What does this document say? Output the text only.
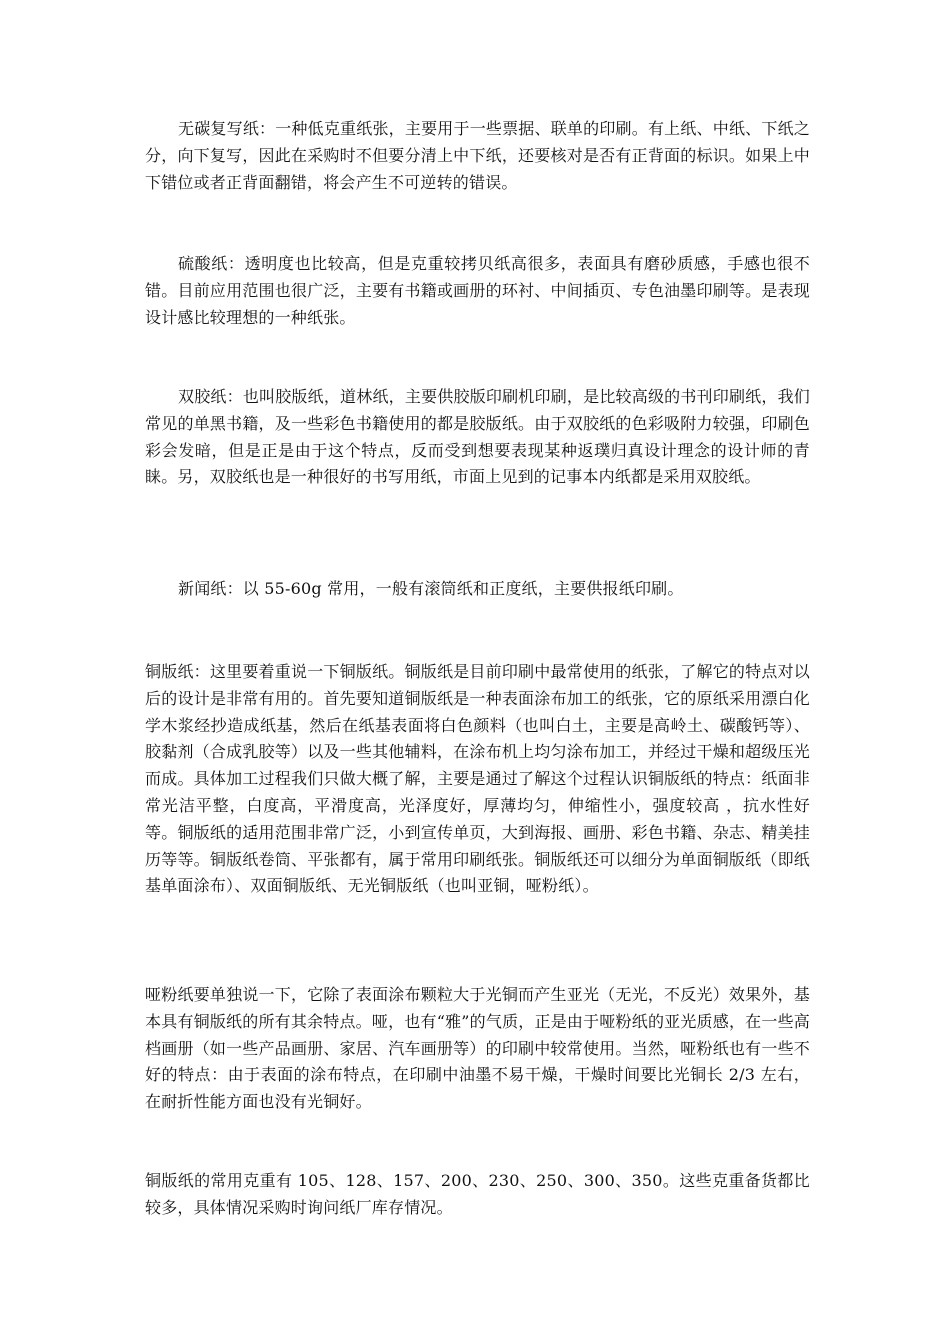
无碳复写纸：一种低克重纸张，主要用于一些票据、联单的印刷。有上纸、中纸、下纸之分，向下复写，因此在采购时不但要分清上中下纸，还要核对是否有正背面的标识。如果上中下错位或者正背面翻错，将会产生不可逆转的错误。

硫酸纸：透明度也比较高，但是克重较拷贝纸高很多，表面具有磨砂质感，手感也很不错。目前应用范围也很广泛，主要有书籍或画册的环衬、中间插页、专色油墨印刷等。是表现设计感比较理想的一种纸张。

双胶纸：也叫胶版纸，道林纸，主要供胶版印刷机印刷，是比较高级的书刊印刷纸，我们常见的单黑书籍，及一些彩色书籍使用的都是胶版纸。由于双胶纸的色彩吸附力较强，印刷色彩会发暗，但是正是由于这个特点，反而受到想要表现某种返璞归真设计理念的设计师的青睐。另，双胶纸也是一种很好的书写用纸，市面上见到的记事本内纸都是采用双胶纸。

新闻纸：以 55-60g 常用，一般有滚筒纸和正度纸，主要供报纸印刷。

铜版纸：这里要着重说一下铜版纸。铜版纸是目前印刷中最常使用的纸张，了解它的特点对以后的设计是非常有用的。首先要知道铜版纸是一种表面涂布加工的纸张，它的原纸采用漂白化学木浆经抄造成纸基，然后在纸基表面将白色颜料（也叫白土，主要是高岭土、碳酸钙等）、胶黏剂（合成乳胶等）以及一些其他辅料，在涂布机上均匀涂布加工，并经过干燥和超级压光而成。具体加工过程我们只做大概了解，主要是通过了解这个过程认识铜版纸的特点：纸面非常光洁平整，白度高，平滑度高，光泽度好，厚薄均匀，伸缩性小，强度较高 ，抗水性好等。铜版纸的适用范围非常广泛，小到宣传单页，大到海报、画册、彩色书籍、杂志、精美挂历等等。铜版纸卷筒、平张都有，属于常用印刷纸张。铜版纸还可以细分为单面铜版纸（即纸基单面涂布）、双面铜版纸、无光铜版纸（也叫亚铜，哑粉纸）。

哑粉纸要单独说一下，它除了表面涂布颗粒大于光铜而产生亚光（无光，不反光）效果外，基本具有铜版纸的所有其余特点。哑，也有“雅”的气质，正是由于哑粉纸的亚光质感，在一些高档画册（如一些产品画册、家居、汽车画册等）的印刷中较常使用。当然，哑粉纸也有一些不好的特点：由于表面的涂布特点，在印刷中油墨不易干燥，干燥时间要比光铜长 2/3 左右，在耐折性能方面也没有光铜好。

铜版纸的常用克重有 105、128、157、200、230、250、300、350。这些克重备货都比较多，具体情况采购时询问纸厂库存情况。
